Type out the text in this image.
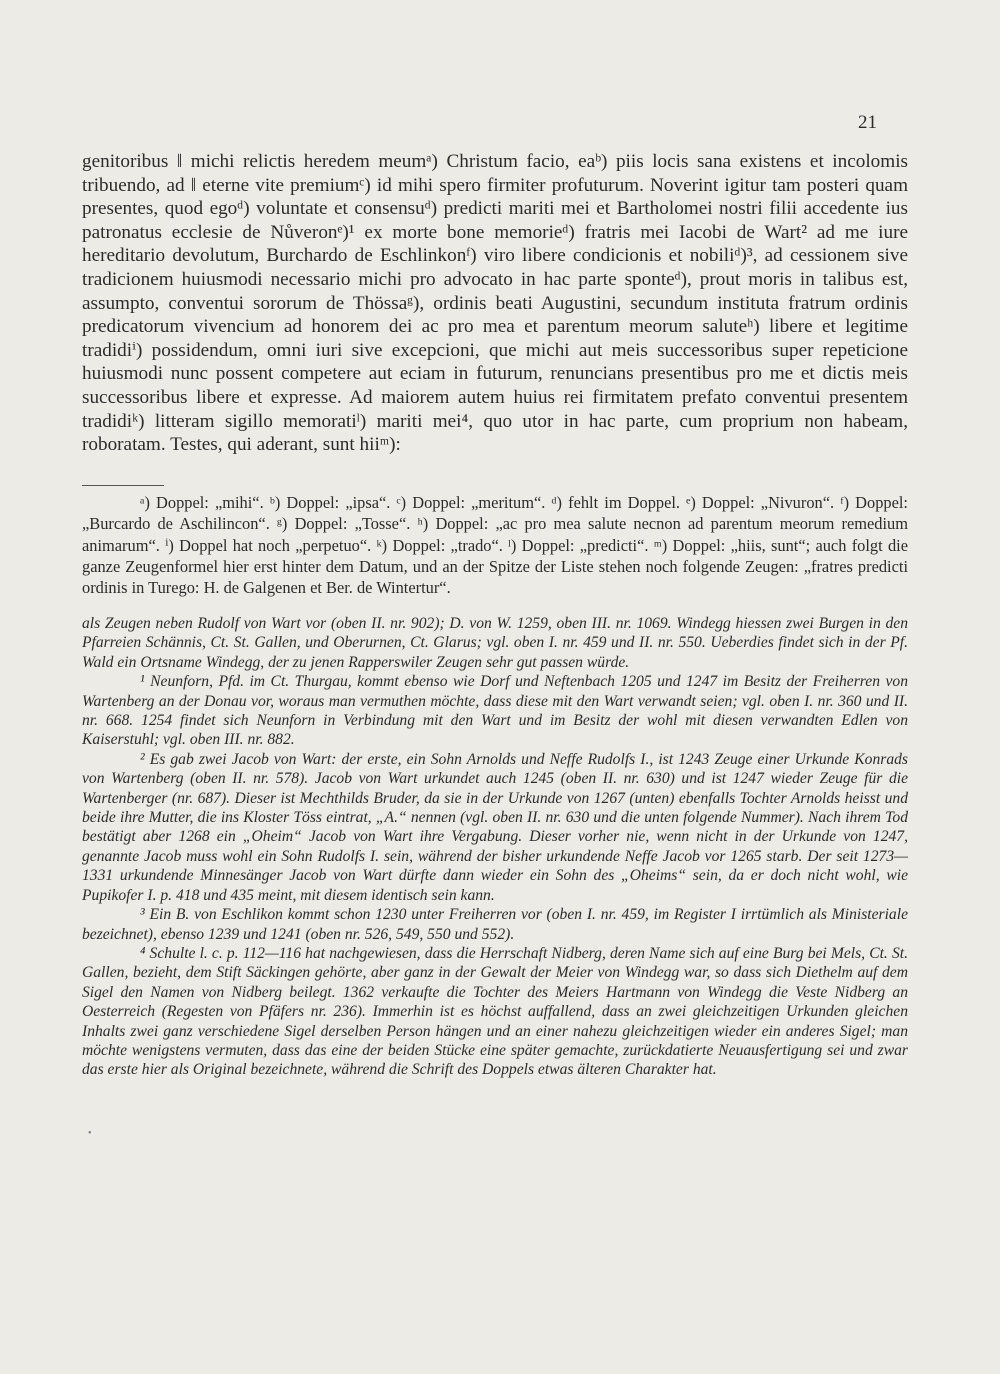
21

genitoribus ‖ michi relictis heredem meumᵃ) Christum facio, eaᵇ) piis locis sana existens et incolomis tribuendo, ad ‖ eterne vite premiumᶜ) id mihi spero firmiter profuturum. Noverint igitur tam posteri quam presentes, quod egoᵈ) voluntate et consensuᵈ) predicti mariti mei et Bartholomei nostri filii accedente ius patronatus ecclesie de Nůveronᵉ)¹ ex morte bone memorieᵈ) fratris mei Iacobi de Wart² ad me iure hereditario devolutum, Burchardo de Eschlinkonᶠ) viro libere condicionis et nobiliᵈ)³, ad cessionem sive tradicionem huiusmodi necessario michi pro advocato in hac parte sponteᵈ), prout moris in talibus est, assumpto, conventui sororum de Thössaᵍ), ordinis beati Augustini, secundum instituta fratrum ordinis predicatorum vivencium ad honorem dei ac pro mea et parentum meorum saluteʰ) libere et legitime tradidiⁱ) possidendum, omni iuri sive excepcioni, que michi aut meis successoribus super repeticione huiusmodi nunc possent competere aut eciam in futurum, renuncians presentibus pro me et dictis meis successoribus libere et expresse. Ad maiorem autem huius rei firmitatem prefato conventui presentem tradidiᵏ) litteram sigillo memoratiˡ) mariti mei⁴, quo utor in hac parte, cum proprium non habeam, roboratam. Testes, qui aderant, sunt hiiᵐ):

ᵃ) Doppel: „mihi“. ᵇ) Doppel: „ipsa“. ᶜ) Doppel: „meritum“. ᵈ) fehlt im Doppel. ᵉ) Doppel: „Nivuron“. ᶠ) Doppel: „Burcardo de Aschilincon“. ᵍ) Doppel: „Tosse“. ʰ) Doppel: „ac pro mea salute necnon ad parentum meorum remedium animarum“. ⁱ) Doppel hat noch „perpetuo“. ᵏ) Doppel: „trado“. ˡ) Doppel: „predicti“. ᵐ) Doppel: „hiis, sunt“; auch folgt die ganze Zeugenformel hier erst hinter dem Datum, und an der Spitze der Liste stehen noch folgende Zeugen: „fratres predicti ordinis in Turego: H. de Galgenen et Ber. de Wintertur“.

als Zeugen neben Rudolf von Wart vor (oben II. nr. 902); D. von W. 1259, oben III. nr. 1069. Windegg hiessen zwei Burgen in den Pfarreien Schännis, Ct. St. Gallen, und Oberurnen, Ct. Glarus; vgl. oben I. nr. 459 und II. nr. 550. Ueberdies findet sich in der Pf. Wald ein Ortsname Windegg, der zu jenen Rapperswiler Zeugen sehr gut passen würde.

¹ Neunforn, Pfd. im Ct. Thurgau, kommt ebenso wie Dorf und Neftenbach 1205 und 1247 im Besitz der Freiherren von Wartenberg an der Donau vor, woraus man vermuthen möchte, dass diese mit den Wart verwandt seien; vgl. oben I. nr. 360 und II. nr. 668. 1254 findet sich Neunforn in Verbindung mit den Wart und im Besitz der wohl mit diesen verwandten Edlen von Kaiserstuhl; vgl. oben III. nr. 882.

² Es gab zwei Jacob von Wart: der erste, ein Sohn Arnolds und Neffe Rudolfs I., ist 1243 Zeuge einer Urkunde Konrads von Wartenberg (oben II. nr. 578). Jacob von Wart urkundet auch 1245 (oben II. nr. 630) und ist 1247 wieder Zeuge für die Wartenberger (nr. 687). Dieser ist Mechthilds Bruder, da sie in der Urkunde von 1267 (unten) ebenfalls Tochter Arnolds heisst und beide ihre Mutter, die ins Kloster Töss eintrat, „A.“ nennen (vgl. oben II. nr. 630 und die unten folgende Nummer). Nach ihrem Tod bestätigt aber 1268 ein „Oheim“ Jacob von Wart ihre Vergabung. Dieser vorher nie, wenn nicht in der Urkunde von 1247, genannte Jacob muss wohl ein Sohn Rudolfs I. sein, während der bisher urkundende Neffe Jacob vor 1265 starb. Der seit 1273—1331 urkundende Minnesänger Jacob von Wart dürfte dann wieder ein Sohn des „Oheims“ sein, da er doch nicht wohl, wie Pupikofer I. p. 418 und 435 meint, mit diesem identisch sein kann.

³ Ein B. von Eschlikon kommt schon 1230 unter Freiherren vor (oben I. nr. 459, im Register I irrtümlich als Ministeriale bezeichnet), ebenso 1239 und 1241 (oben nr. 526, 549, 550 und 552).

⁴ Schulte l. c. p. 112—116 hat nachgewiesen, dass die Herrschaft Nidberg, deren Name sich auf eine Burg bei Mels, Ct. St. Gallen, bezieht, dem Stift Säckingen gehörte, aber ganz in der Gewalt der Meier von Windegg war, so dass sich Diethelm auf dem Sigel den Namen von Nidberg beilegt. 1362 verkaufte die Tochter des Meiers Hartmann von Windegg die Veste Nidberg an Oesterreich (Regesten von Pfäfers nr. 236). Immerhin ist es höchst auffallend, dass an zwei gleichzeitigen Urkunden gleichen Inhalts zwei ganz verschiedene Sigel derselben Person hängen und an einer nahezu gleichzeitigen wieder ein anderes Sigel; man möchte wenigstens vermuten, dass das eine der beiden Stücke eine später gemachte, zurückdatierte Neuausfertigung sei und zwar das erste hier als Original bezeichnete, während die Schrift des Doppels etwas älteren Charakter hat.

•
